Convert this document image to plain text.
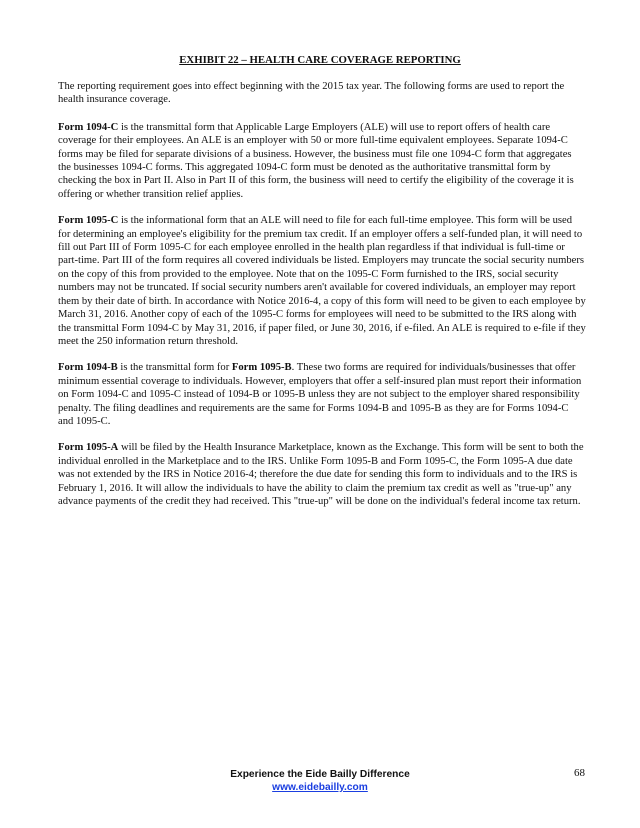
EXHIBIT 22 – HEALTH CARE COVERAGE REPORTING

The reporting requirement goes into effect beginning with the 2015 tax year. The following forms are used to report the health insurance coverage.

Form 1094-C is the transmittal form that Applicable Large Employers (ALE) will use to report offers of health care coverage for their employees. An ALE is an employer with 50 or more full-time equivalent employees. Separate 1094-C forms may be filed for separate divisions of a business. However, the business must file one 1094-C form that aggregates the businesses 1094-C forms. This aggregated 1094-C form must be denoted as the authoritative transmittal form by checking the box in Part II. Also in Part II of this form, the business will need to certify the eligibility of the coverage it is offering or whether transition relief applies.

Form 1095-C is the informational form that an ALE will need to file for each full-time employee. This form will be used for determining an employee's eligibility for the premium tax credit. If an employer offers a self-funded plan, it will need to fill out Part III of Form 1095-C for each employee enrolled in the health plan regardless if that individual is full-time or part-time. Part III of the form requires all covered individuals be listed. Employers may truncate the social security numbers on the copy of this from provided to the employee. Note that on the 1095-C Form furnished to the IRS, social security numbers may not be truncated. If social security numbers aren't available for covered individuals, an employer may report them by their date of birth. In accordance with Notice 2016-4, a copy of this form will need to be given to each employee by March 31, 2016. Another copy of each of the 1095-C forms for employees will need to be submitted to the IRS along with the transmittal Form 1094-C by May 31, 2016, if paper filed, or June 30, 2016, if e-filed. An ALE is required to e-file if they meet the 250 information return threshold.

Form 1094-B is the transmittal form for Form 1095-B. These two forms are required for individuals/businesses that offer minimum essential coverage to individuals. However, employers that offer a self-insured plan must report their information on Form 1094-C and 1095-C instead of 1094-B or 1095-B unless they are not subject to the employer shared responsibility penalty. The filing deadlines and requirements are the same for Forms 1094-B and 1095-B as they are for Forms 1094-C and 1095-C.

Form 1095-A will be filed by the Health Insurance Marketplace, known as the Exchange. This form will be sent to both the individual enrolled in the Marketplace and to the IRS. Unlike Form 1095-B and Form 1095-C, the Form 1095-A due date was not extended by the IRS in Notice 2016-4; therefore the due date for sending this form to individuals and to the IRS is February 1, 2016. It will allow the individuals to have the ability to claim the premium tax credit as well as "true-up" any advance payments of the credit they had received. This "true-up" will be done on the individual's federal income tax return.

Experience the Eide Bailly Difference
www.eidebailly.com
68
